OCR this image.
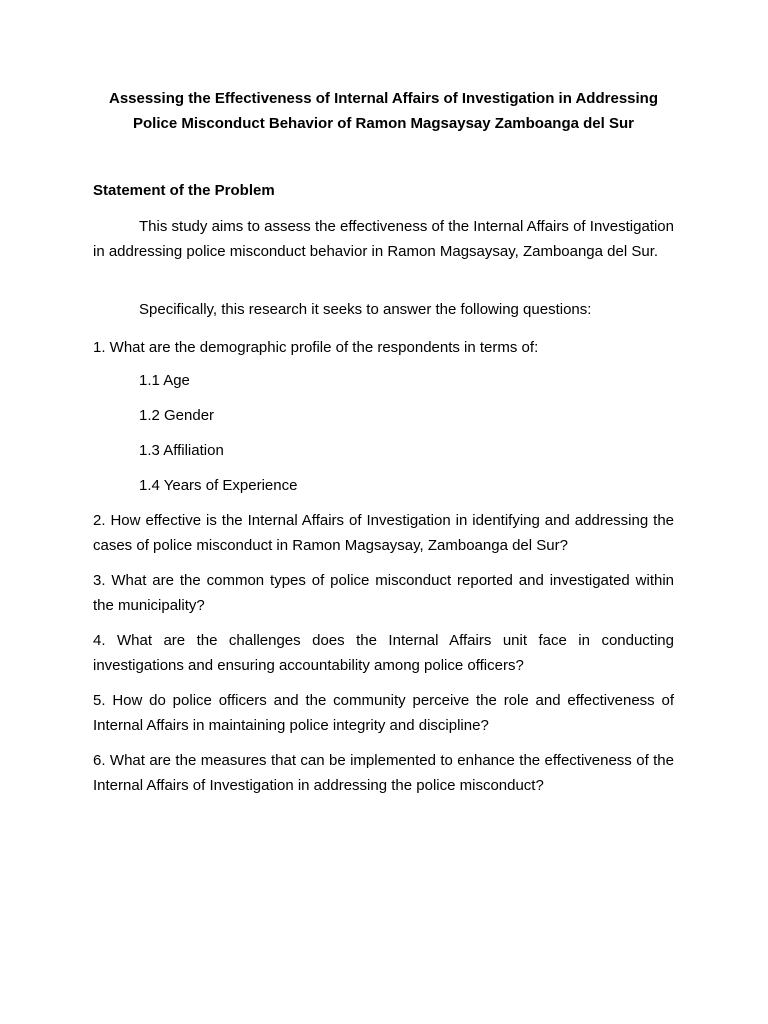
Assessing the Effectiveness of Internal Affairs of Investigation in Addressing
Police Misconduct Behavior of Ramon Magsaysay Zamboanga del Sur
Statement of the Problem

This study aims to assess the effectiveness of the Internal Affairs of Investigation in addressing police misconduct behavior in Ramon Magsaysay, Zamboanga del Sur.

Specifically, this research it seeks to answer the following questions:

1. What are the demographic profile of the respondents in terms of:

1.1 Age

1.2 Gender

1.3 Affiliation

1.4 Years of Experience

2. How effective is the Internal Affairs of Investigation in identifying and addressing the cases of police misconduct in Ramon Magsaysay, Zamboanga del Sur?

3. What are the common types of police misconduct reported and investigated within the municipality?

4. What are the challenges does the Internal Affairs unit face in conducting investigations and ensuring accountability among police officers?

5. How do police officers and the community perceive the role and effectiveness of Internal Affairs in maintaining police integrity and discipline?

6. What are the measures that can be implemented to enhance the effectiveness of the Internal Affairs of Investigation in addressing the police misconduct?
